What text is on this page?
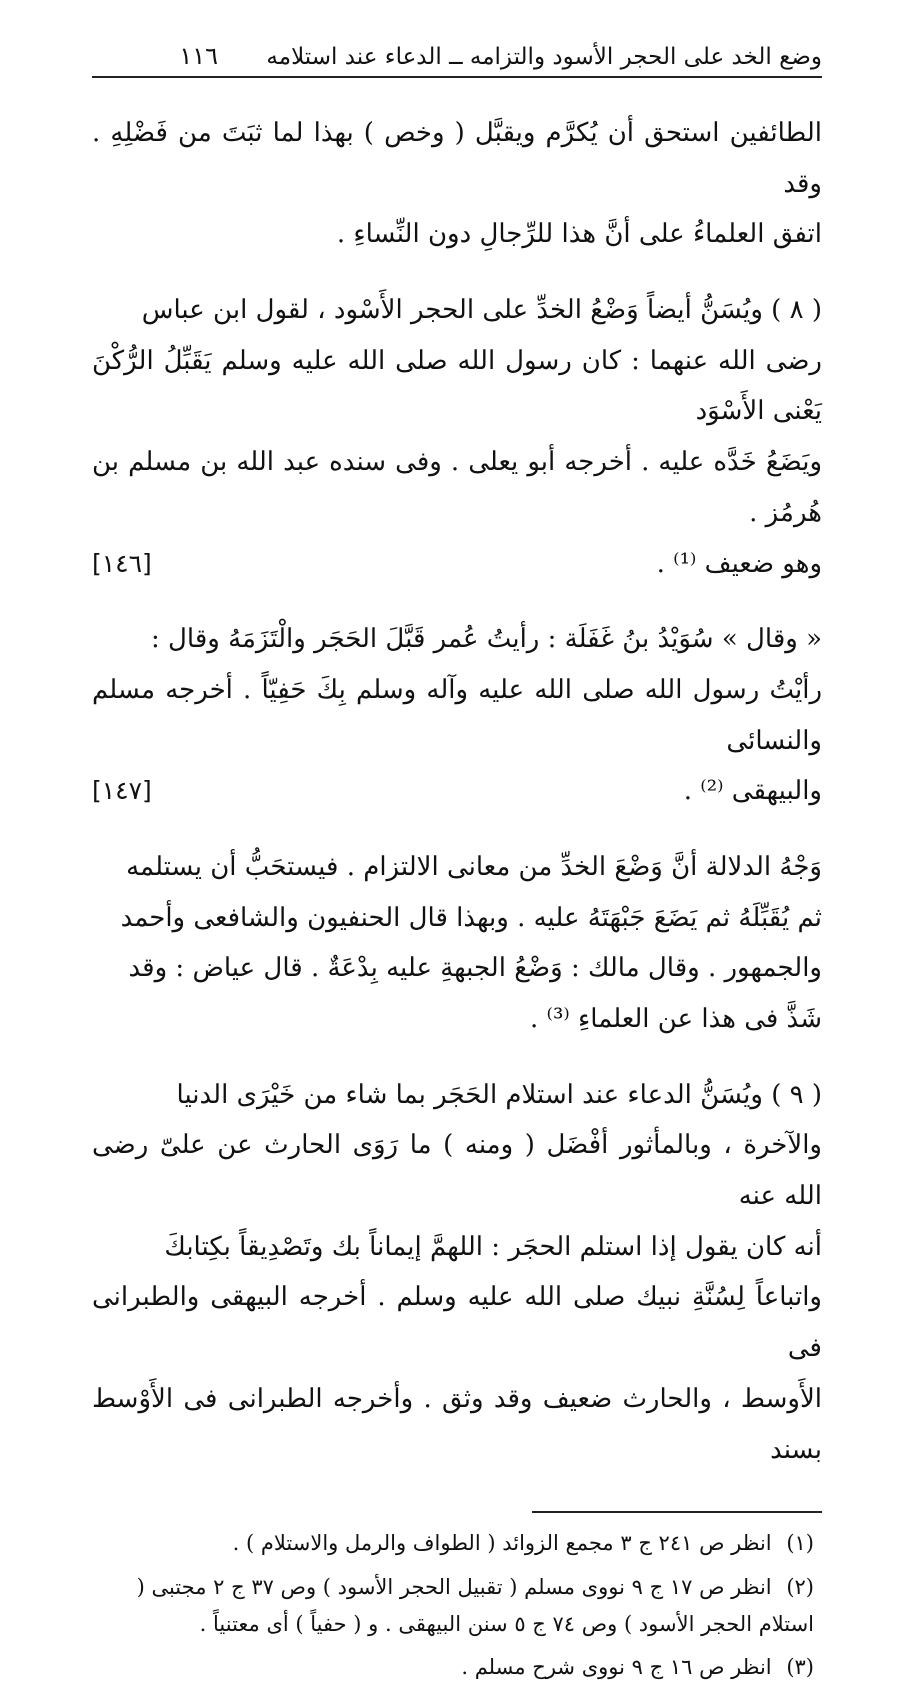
وضع الخد على الحجر الأسود والتزامه ــ الدعاء عند استلامه
١١٦

الطائفين استحق أن يُكرَّم ويقبَّل ( وخص ) بهذا لما ثبَتَ من فَضْلِهِ . وقد

اتفق العلماءُ على أنَّ هذا للرِّجالِ دون النِّساءِ .

( ٨ ) ويُسَنُّ أيضاً وَضْعُ الخدِّ على الحجر الأَسْود ، لقول ابن عباس

رضى الله عنهما : كان رسول الله صلى الله عليه وسلم يَقَبِّلُ الرُّكْنَ يَعْنى الأَسْوَد

ويَضَعُ خَدَّه عليه . أخرجه أبو يعلى . وفى سنده عبد الله بن مسلم بن هُرمُز .

وهو ضعيف ⁽¹⁾ .
[١٤٦]

« وقال » سُوَيْدُ بنُ غَفَلَة : رأيتُ عُمر قَبَّلَ الحَجَر والْتَزَمَهُ وقال :

رأيْتُ رسول الله صلى الله عليه وآله وسلم بِكَ حَفِيّاً . أخرجه مسلم والنسائى

والبيهقى ⁽²⁾ .
[١٤٧]

وَجْهُ الدلالة أنَّ وَضْعَ الخدِّ من معانى الالتزام . فيستحَبُّ أن يستلمه

ثم يُقَبِّلَهُ ثم يَضَعَ جَبْهَتَهُ عليه . وبهذا قال الحنفيون والشافعى وأحمد

والجمهور . وقال مالك : وَضْعُ الجبهةِ عليه بِدْعَةٌ . قال عياض : وقد

شَذَّ فى هذا عن العلماءِ ⁽³⁾ .

( ٩ ) ويُسَنُّ الدعاء عند استلام الحَجَر بما شاء من خَيْرَى الدنيا

والآخرة ، وبالمأثور أفْضَل ( ومنه ) ما رَوَى الحارث عن علىّ رضى الله عنه

أنه كان يقول إذا استلم الحجَر : اللهمَّ إيماناً بك وتَصْدِيقاً بكِتابكَ

واتباعاً لِسُنَّةِ نبيك صلى الله عليه وسلم . أخرجه البيهقى والطبرانى فى

الأَوسط ، والحارث ضعيف وقد وثق . وأخرجه الطبرانى فى الأَوْسط بسند

(١) انظر ص ٢٤١ ج ٣ مجمع الزوائد ( الطواف والرمل والاستلام ) .
(٢) انظر ص ١٧ ج ٩ نووى مسلم ( تقبيل الحجر الأسود ) وص ٣٧ ج ٢ مجتبى ( استلام الحجر الأسود ) وص ٧٤ ج ٥ سنن البيهقى . و ( حفياً ) أى معتنياً .
(٣) انظر ص ١٦ ج ٩ نووى شرح مسلم .
